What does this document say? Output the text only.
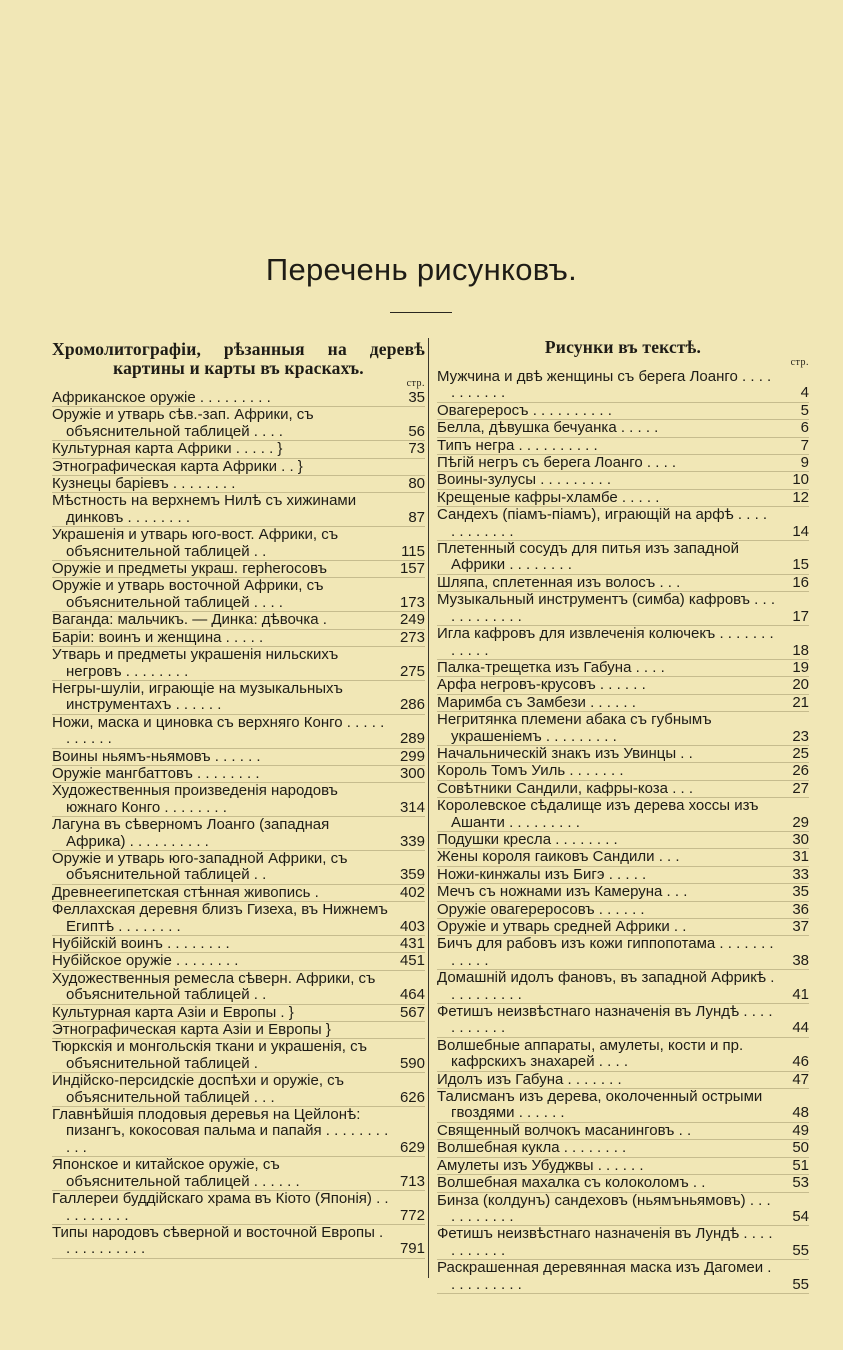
Перечень рисунковъ.
Хромолитографіи, рѣзанныя на деревѣ картины и карты въ краскахъ.
стр.
Африканское оружіе . . . . . . . . .	35
Оружіе и утварь сѣв.-зап. Африки, съ объяснительной таблицей . . . .	56
Культурная карта Африки . . . . . }	73
Этнографическая карта Африки . . }
Кузнецы баріевъ . . . . . . . .	80
Мѣстность на верхнемъ Нилѣ съ хижинами динковъ . . . . . . . .	87
Украшенія и утварь юго-вост. Африки, съ объяснительной таблицей . .	115
Оружіе и предметы украш. герherосовъ	157
Оружіе и утварь восточной Африки, съ объяснительной таблицей . . . .	173
Ваганда: мальчикъ. — Динка: дѣвочка .	249
Баріи: воинъ и женщина . . . . .	273
Утварь и предметы украшенія нильскихъ негровъ . . . . . . . .	275
Негры-шуліи, играющіе на музыкальныхъ инструментахъ . . . . . .	286
Ножи, маска и циновка съ верхняго Конго . . . . . . . . . . .	289
Воины ньямъ-ньямовъ . . . . . .	299
Оружіе мангбаттовъ . . . . . . . .	300
Художественныя произведенія народовъ южнаго Конго . . . . . . . .	314
Лагуна въ сѣверномъ Лоанго (западная Африка) . . . . . . . . . .	339
Оружіе и утварь юго-западной Африки, съ объяснительной таблицей . .	359
Древнеегипетская стѣнная живопись .	402
Феллахская деревня близъ Гизеха, въ Нижнемъ Египтѣ . . . . . . . .	403
Нубійскій воинъ . . . . . . . .	431
Нубійское оружіе . . . . . . . .	451
Художественныя ремесла сѣверн. Африки, съ объяснительной таблицей . .	464
Культурная карта Азіи и Европы . }	567
Этнографическая карта Азіи и Европы }
Тюркскія и монгольскія ткани и украшенія, съ объяснительной таблицей .	590
Индійско-персидскіе доспѣхи и оружіе, съ объяснительной таблицей . . .	626
Главнѣйшія плодовыя деревья на Цейлонѣ: пизангъ, кокосовая пальма и папайя . . . . . . . . . . .	629
Японское и китайское оружіе, съ объяснительной таблицей . . . . . .	713
Галлереи буддійскаго храма въ Кіото (Японія) . . . . . . . . . .	772
Типы народовъ сѣверной и восточной Европы . . . . . . . . . . .	791
Рисунки въ текстѣ.
стр.
Мужчина и двѣ женщины съ берега Лоанго . . . . . . . . . . .	4
Овагереросъ . . . . . . . . . .	5
Белла, дѣвушка бечуанка . . . . .	6
Типъ негра . . . . . . . . . .	7
Пѣгій негръ съ берега Лоанго . . . .	9
Воины-зулусы . . . . . . . . .	10
Крещеные кафры-хламбе . . . . .	12
Сандехъ (піамъ-піамъ), играющій на арфѣ . . . . . . . . . . . .	14
Плетенный сосудъ для питья изъ западной Африки . . . . . . . .	15
Шляпа, сплетенная изъ волосъ . . .	16
Музыкальный инструментъ (симба) кафровъ . . . . . . . . . . . .	17
Игла кафровъ для извлеченія колючекъ . . . . . . . . . . . .	18
Палка-трещетка изъ Габуна . . . .	19
Арфа негровъ-крусовъ . . . . . .	20
Маримба съ Замбези . . . . . .	21
Негритянка племени абака съ губнымъ украшеніемъ . . . . . . . . .	23
Начальническій знакъ изъ Увинцы . .	25
Король Томъ Уиль . . . . . . .	26
Совѣтники Сандили, кафры-коза . . .	27
Королевское сѣдалище изъ дерева хоссы изъ Ашанти . . . . . . . . .	29
Подушки кресла . . . . . . . .	30
Жены короля гаиковъ Сандили . . .	31
Ножи-кинжалы изъ Бигэ . . . . .	33
Мечъ съ ножнами изъ Камеруна . . .	35
Оружіе овагереросовъ . . . . . .	36
Оружіе и утварь средней Африки . .	37
Бичъ для рабовъ изъ кожи гиппопотама . . . . . . . . . . . .	38
Домашній идолъ фановъ, въ западной Африкѣ . . . . . . . . . .	41
Фетишъ неизвѣстнаго назначенія въ Лундѣ . . . . . . . . . . .	44
Волшебные аппараты, амулеты, кости и пр. кафрскихъ знахарей . . . .	46
Идолъ изъ Габуна . . . . . . .	47
Талисманъ изъ дерева, околоченный острыми гвоздями . . . . . .	48
Священный волчокъ масанинговъ . .	49
Волшебная кукла . . . . . . . .	50
Амулеты изъ Убуджвы . . . . . .	51
Волшебная махалка съ колоколомъ . .	53
Бинза (колдунъ) сандеховъ (ньямъньямовъ) . . . . . . . . . . .	54
Фетишъ неизвѣстнаго назначенія въ Лундѣ . . . . . . . . . . .	55
Раскрашенная деревянная маска изъ Дагомеи . . . . . . . . . .	55
